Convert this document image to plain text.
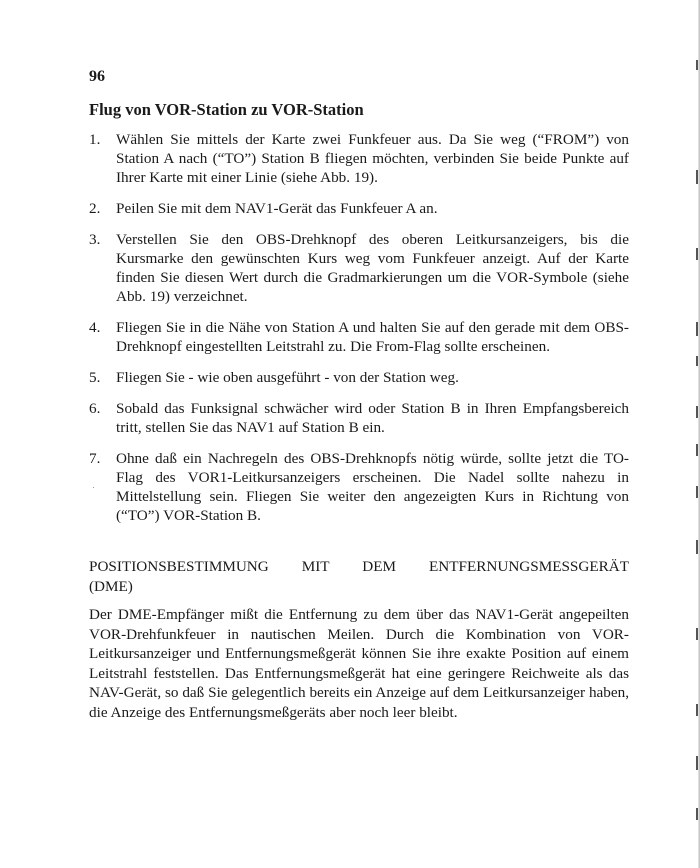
96

Flug von VOR-Station zu VOR-Station
1.	Wählen Sie mittels der Karte zwei Funkfeuer aus. Da Sie weg (“FROM”) von Station A nach (“TO”) Station B fliegen möchten, verbinden Sie beide Punkte auf Ihrer Karte mit einer Linie (siehe Abb. 19).
2.	Peilen Sie mit dem NAV1-Gerät das Funkfeuer A an.
3.	Verstellen Sie den OBS-Drehknopf des oberen Leitkursanzeigers, bis die Kursmarke den gewünschten Kurs weg vom Funkfeuer anzeigt. Auf der Karte finden Sie diesen Wert durch die Gradmarkierungen um die VOR-Symbole (siehe Abb. 19) verzeichnet.
4.	Fliegen Sie in die Nähe von Station A und halten Sie auf den gerade mit dem OBS-Drehknopf eingestellten Leitstrahl zu. Die From-Flag sollte erscheinen.
5.	Fliegen Sie - wie oben ausgeführt - von der Station weg.
6.	Sobald das Funksignal schwächer wird oder Station B in Ihren Empfangsbereich tritt, stellen Sie das NAV1 auf Station B ein.
7.	Ohne daß ein Nachregeln des OBS-Drehknopfs nötig würde, sollte jetzt die TO-Flag des VOR1-Leitkursanzeigers erscheinen. Die Nadel sollte nahezu in Mittelstellung sein. Fliegen Sie weiter den angezeigten Kurs in Richtung von (“TO”) VOR-Station B.
POSITIONSBESTIMMUNG MIT DEM ENTFERNUNGSMESSGERÄT
(DME)

Der DME-Empfänger mißt die Entfernung zu dem über das NAV1-Gerät angepeilten VOR-Drehfunkfeuer in nautischen Meilen. Durch die Kombination von VOR-Leitkursanzeiger und Entfernungsmeßgerät können Sie ihre exakte Position auf einem Leitstrahl feststellen. Das Entfernungsmeßgerät hat eine geringere Reichweite als das NAV-Gerät, so daß Sie gelegentlich bereits ein Anzeige auf dem Leitkursanzeiger haben, die Anzeige des Entfernungsmeßgeräts aber noch leer bleibt.
